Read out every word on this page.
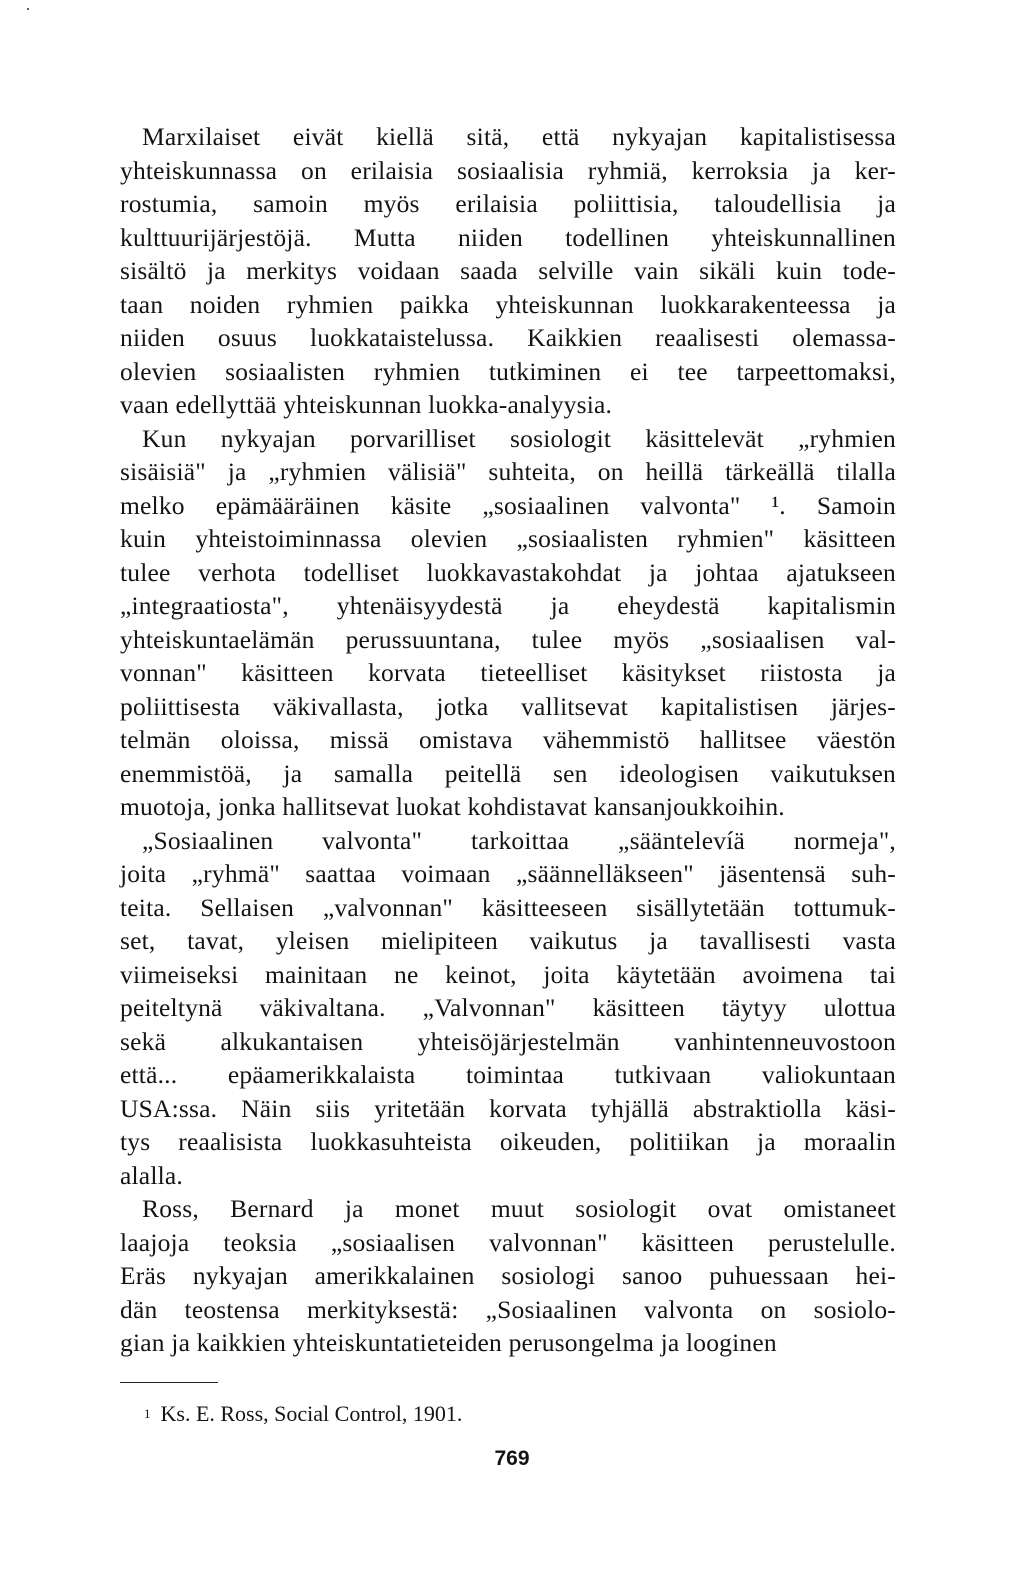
Marxilaiset eivät kiellä sitä, että nykyajan kapitalistisessa
yhteiskunnassa on erilaisia sosiaalisia ryhmiä, kerroksia ja ker-
rostumia, samoin myös erilaisia poliittisia, taloudellisia ja
kulttuurijärjestöjä. Mutta niiden todellinen yhteiskunnallinen
sisältö ja merkitys voidaan saada selville vain sikäli kuin tode-
taan noiden ryhmien paikka yhteiskunnan luokkarakenteessa ja
niiden osuus luokkataistelussa. Kaikkien reaalisesti olemassa-
olevien sosiaalisten ryhmien tutkiminen ei tee tarpeettomaksi,
vaan edellyttää yhteiskunnan luokka-analyysia.
Kun nykyajan porvarilliset sosiologit käsittelevät „ryhmien
sisäisiä" ja „ryhmien välisiä" suhteita, on heillä tärkeällä tilalla
melko epämääräinen käsite „sosiaalinen valvonta" ¹. Samoin
kuin yhteistoiminnassa olevien „sosiaalisten ryhmien" käsitteen
tulee verhota todelliset luokkavastakohdat ja johtaa ajatukseen
„integraatiosta", yhtenäisyydestä ja eheydestä kapitalismin
yhteiskuntaelämän perussuuntana, tulee myös „sosiaalisen val-
vonnan" käsitteen korvata tieteelliset käsitykset riistosta ja
poliittisesta väkivallasta, jotka vallitsevat kapitalistisen järjes-
telmän oloissa, missä omistava vähemmistö hallitsee väestön
enemmistöä, ja samalla peitellä sen ideologisen vaikutuksen
muotoja, jonka hallitsevat luokat kohdistavat kansanjoukkoihin.
„Sosiaalinen valvonta" tarkoittaa „sääntelevíä normeja",
joita „ryhmä" saattaa voimaan „säännelläkseen" jäsentensä suh-
teita. Sellaisen „valvonnan" käsitteeseen sisällytetään tottumuk-
set, tavat, yleisen mielipiteen vaikutus ja tavallisesti vasta
viimeiseksi mainitaan ne keinot, joita käytetään avoimena tai
peiteltynä väkivaltana. „Valvonnan" käsitteen täytyy ulottua
sekä alkukantaisen yhteisöjärjestelmän vanhintenneuvostoon
että... epäamerikkalaista toimintaa tutkivaan valiokuntaan
USA:ssa. Näin siis yritetään korvata tyhjällä abstraktiolla käsi-
tys reaalisista luokkasuhteista oikeuden, politiikan ja moraalin
alalla.
Ross, Bernard ja monet muut sosiologit ovat omistaneet
laajoja teoksia „sosiaalisen valvonnan" käsitteen perustelulle.
Eräs nykyajan amerikkalainen sosiologi sanoo puhuessaan hei-
dän teostensa merkityksestä: „Sosiaalinen valvonta on sosiolo-
gian ja kaikkien yhteiskuntatieteiden perusongelma ja looginen
$^1$ Ks. E. Ross, Social Control, 1901.
769
